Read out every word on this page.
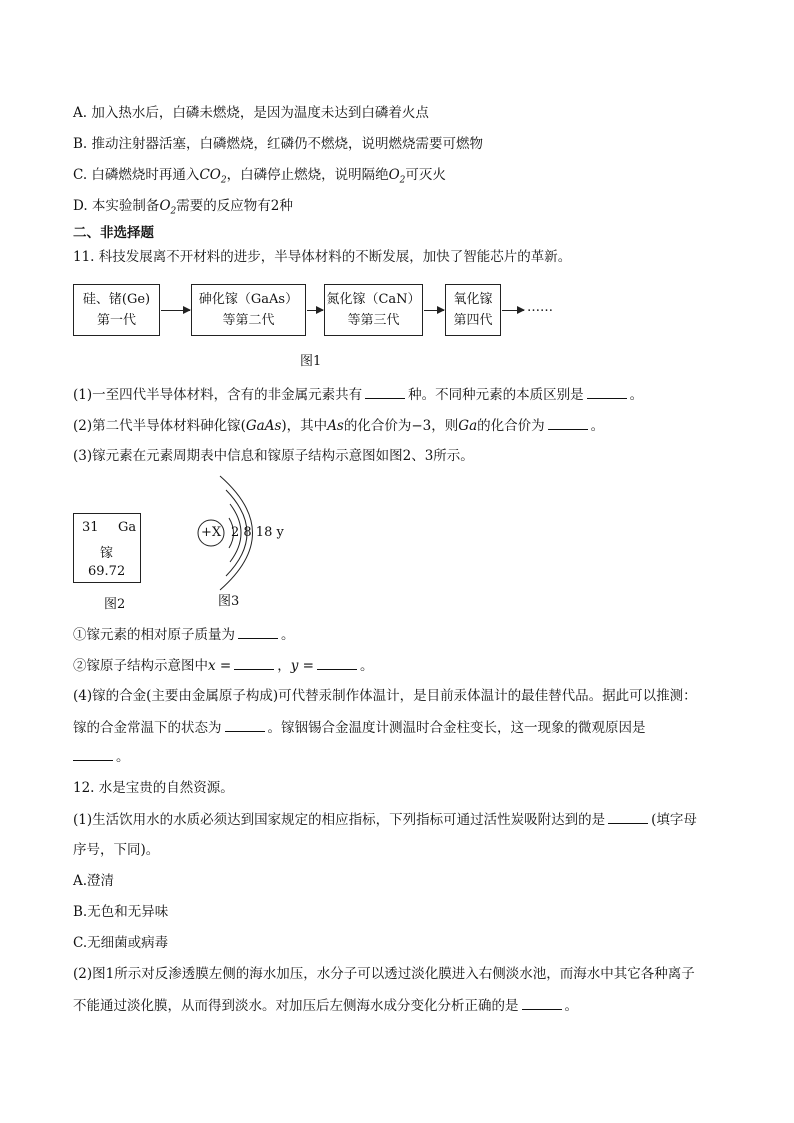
A. 加入热水后，白磷未燃烧，是因为温度未达到白磷着火点
B. 推动注射器活塞，白磷燃烧，红磷仍不燃烧，说明燃烧需要可燃物
C. 白磷燃烧时再通入$CO_2$，白磷停止燃烧，说明隔绝$O_2$可灭火
D. 本实验制备$O_2$需要的反应物有2种
二、非选择题
11. 科技发展离不开材料的进步，半导体材料的不断发展，加快了智能芯片的革新。
硅、锗(Ge)
第一代
砷化镓（GaAs）
等第二代
氮化镓（CaN）
等第三代
氧化镓
第四代
……
图1
(1)一至四代半导体材料，含有的非金属元素共有	种。不同种元素的本质区别是	。
(2)第二代半导体材料砷化镓(GaAs)，其中As的化合价为−3，则Ga的化合价为	。
(3)镓元素在元素周期表中信息和镓原子结构示意图如图2、3所示。
31 Ga
镓
69.72
图2
+X 2 8 18 y
图3
①镓元素的相对原子质量为	。
②镓原子结构示意图中x =	，y =	。
(4)镓的合金(主要由金属原子构成)可代替汞制作体温计，是目前汞体温计的最佳替代品。据此可以推测：
镓的合金常温下的状态为	。镓铟锡合金温度计测温时合金柱变长，这一现象的微观原因是
。
12. 水是宝贵的自然资源。
(1)生活饮用水的水质必须达到国家规定的相应指标，下列指标可通过活性炭吸附达到的是	(填字母
序号，下同)。
A.澄清
B.无色和无异味
C.无细菌或病毒
(2)图1所示对反渗透膜左侧的海水加压，水分子可以透过淡化膜进入右侧淡水池，而海水中其它各种离子
不能通过淡化膜，从而得到淡水。对加压后左侧海水成分变化分析正确的是	。
